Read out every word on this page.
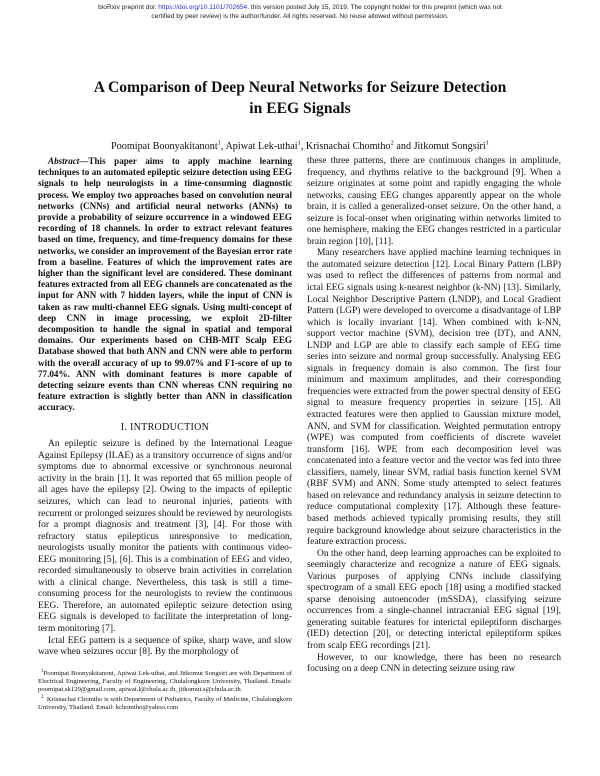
bioRxiv preprint doi: https://doi.org/10.1101/702654. this version posted July 15, 2019. The copyright holder for this preprint (which was not
certified by peer review) is the author/funder. All rights reserved. No reuse allowed without permission.
A Comparison of Deep Neural Networks for Seizure Detection
in EEG Signals
Poomipat Boonyakitanont$^1$, Apiwat Lek-uthai$^1$, Krisnachai Chomtho$^2$ and Jitkomut Songsiri$^1$

Abstract—This paper aims to apply machine learning techniques to an automated epileptic seizure detection using EEG signals to help neurologists in a time-consuming diagnostic process. We employ two approaches based on convolution neural networks (CNNs) and artificial neural networks (ANNs) to provide a probability of seizure occurrence in a windowed EEG recording of 18 channels. In order to extract relevant features based on time, frequency, and time-frequency domains for these networks, we consider an improvement of the Bayesian error rate from a baseline. Features of which the improvement rates are higher than the significant level are considered. These dominant features extracted from all EEG channels are concatenated as the input for ANN with 7 hidden layers, while the input of CNN is taken as raw multi-channel EEG signals. Using multi-concept of deep CNN in image processing, we exploit 2D-filter decomposition to handle the signal in spatial and temporal domains. Our experiments based on CHB-MIT Scalp EEG Database showed that both ANN and CNN were able to perform with the overall accuracy of up to 99.07% and F1-score of up to 77.04%. ANN with dominant features is more capable of detecting seizure events than CNN whereas CNN requiring no feature extraction is slightly better than ANN in classification accuracy.

I. INTRODUCTION

An epileptic seizure is defined by the International League Against Epilepsy (ILAE) as a transitory occurrence of signs and/or symptoms due to abnormal excessive or synchronous neuronal activity in the brain [1]. It was reported that 65 million people of all ages have the epilepsy [2]. Owing to the impacts of epileptic seizures, which can lead to neuronal injuries, patients with recurrent or prolonged seizures should be reviewed by neurologists for a prompt diagnosis and treatment [3], [4]. For those with refractory status epilepticus unresponsive to medication, neurologists usually monitor the patients with continuous video-EEG monitoring [5], [6]. This is a combination of EEG and video, recorded simultaneously to observe brain activities in correlation with a clinical change. Nevertheless, this task is still a time-consuming process for the neurologists to review the continuous EEG. Therefore, an automated epileptic seizure detection using EEG signals is developed to facilitate the interpretation of long-term monitoring [7].

Ictal EEG pattern is a sequence of spike, sharp wave, and slow wave when seizures occur [8]. By the morphology of

$^1$Poomipat Boonyakitanont, Apiwat Lek-uthai, and Jitkomut Songsiri are with Department of Electrical Engineering, Faculty of Engineering, Chulalongkorn University, Thailand. Emails: poomipat.sk129@gmail.com, apiwat.l@chula.ac.th, jitkomut.s@chula.ac.th

$^2$ Krisnachai Chomtho is with Department of Pediatrics, Faculty of Medicine, Chulalongkorn University, Thailand. Email: kchomtho@yahoo.com

these three patterns, there are continuous changes in amplitude, frequency, and rhythms relative to the background [9]. When a seizure originates at some point and rapidly engaging the whole networks, causing EEG changes apparently appear on the whole brain, it is called a generalized-onset seizure. On the other hand, a seizure is focal-onset when originating within networks limited to one hemisphere, making the EEG changes restricted in a particular brain region [10], [11].

Many researchers have applied machine learning techniques in the automated seizure detection [12]. Local Binary Pattern (LBP) was used to reflect the differences of patterns from normal and ictal EEG signals using k-nearest neighbor (k-NN) [13]. Similarly, Local Neighbor Descriptive Pattern (LNDP), and Local Gradient Pattern (LGP) were developed to overcome a disadvantage of LBP which is locally invariant [14]. When combined with k-NN, support vector machine (SVM), decision tree (DT), and ANN, LNDP and LGP are able to classify each sample of EEG time series into seizure and normal group successfully. Analysing EEG signals in frequency domain is also common. The first four minimum and maximum amplitudes, and their corresponding frequencies were extracted from the power spectral density of EEG signal to measure frequency properties in seizure [15]. All extracted features were then applied to Gaussian mixture model, ANN, and SVM for classification. Weighted permutation entropy (WPE) was computed from coefficients of discrete wavelet transform [16]. WPE from each decomposition level was concatenated into a feature vector and the vector was fed into three classifiers, namely, linear SVM, radial basis function kernel SVM (RBF SVM) and ANN. Some study attempted to select features based on relevance and redundancy analysis in seizure detection to reduce computational complexity [17]. Although these feature-based methods achieved typically promising results, they still require background knowledge about seizure characteristics in the feature extraction process.

On the other hand, deep learning approaches can be exploited to seemingly characterize and recognize a nature of EEG signals. Various purposes of applying CNNs include classifying spectrogram of a small EEG epoch [18] using a modified stacked sparse denoising autoencoder (mSSDA), classifying seizure occurrences from a single-channel intracranial EEG signal [19], generating suitable features for interictal epileptiform discharges (IED) detection [20], or detecting interictal epileptiform spikes from scalp EEG recordings [21].

However, to our knowledge, there has been no research focusing on a deep CNN in detecting seizure using raw
